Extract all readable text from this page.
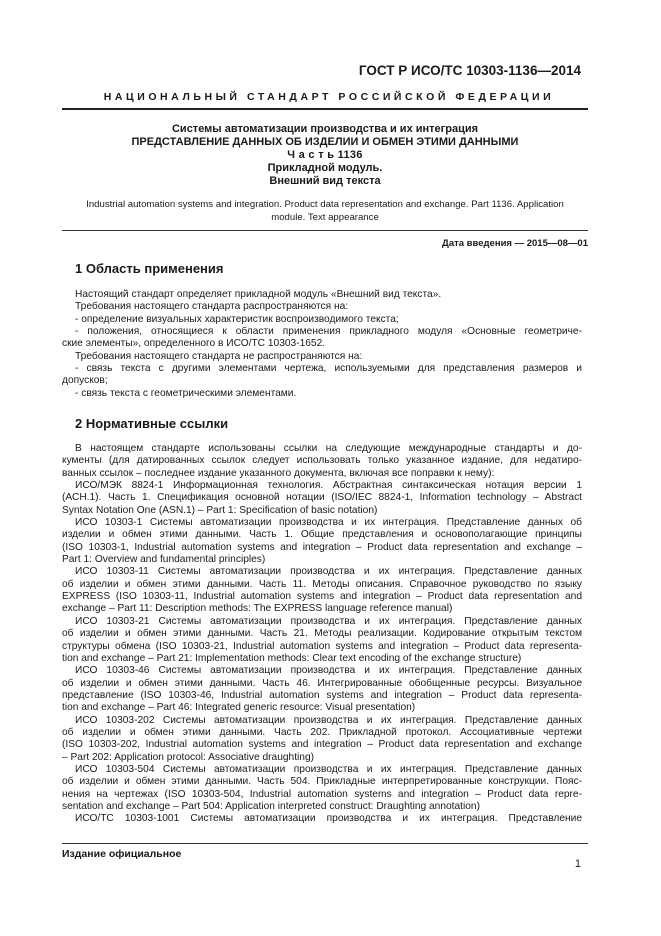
ГОСТ Р ИСО/ТС 10303-1136—2014
НАЦИОНАЛЬНЫЙ СТАНДАРТ РОССИЙСКОЙ ФЕДЕРАЦИИ
Системы автоматизации производства и их интеграция
ПРЕДСТАВЛЕНИЕ ДАННЫХ ОБ ИЗДЕЛИИ И ОБМЕН ЭТИМИ ДАННЫМИ
Ч а с т ь 1136
Прикладной модуль.
Внешний вид текста
Industrial automation systems and integration. Product data representation and exchange. Part 1136. Application
module. Text appearance
Дата введения — 2015—08—01
1 Область применения
Настоящий стандарт определяет прикладной модуль «Внешний вид текста».
Требования настоящего стандарта распространяются на:
- определение визуальных характеристик воспроизводимого текста;
- положения, относящиеся к области применения прикладного модуля «Основные геометриче-
ские элементы», определенного в ИСО/ТС 10303-1652.
Требования настоящего стандарта не распространяются на:
- связь текста с другими элементами чертежа, используемыми для представления размеров и
допусков;
- связь текста с геометрическими элементами.
2 Нормативные ссылки
В настоящем стандарте использованы ссылки на следующие международные стандарты и до-
кументы (для датированных ссылок следует использовать только указанное издание, для недатиро-
ванных ссылок – последнее издание указанного документа, включая все поправки к нему):
ИСО/МЭК 8824-1 Информационная технология. Абстрактная синтаксическая нотация версии 1
(АСН.1). Часть 1. Спецификация основной нотации (ISO/IEC 8824-1, Information technology – Abstract
Syntax Notation One (ASN.1) – Part 1: Specification of basic notation)
ИСО 10303-1 Системы автоматизации производства и их интеграция. Представление данных об
изделии и обмен этими данными. Часть 1. Общие представления и основополагающие принципы
(ISO 10303-1, Industrial automation systems and integration – Product data representation and exchange –
Part 1: Overview and fundamental principles)
ИСО 10303-11 Системы автоматизации производства и их интеграция. Представление данных
об изделии и обмен этими данными. Часть 11. Методы описания. Справочное руководство по языку
EXPRESS (ISO 10303-11, Industrial automation systems and integration – Product data representation and
exchange – Part 11: Description methods: The EXPRESS language reference manual)
ИСО 10303-21 Системы автоматизации производства и их интеграция. Представление данных
об изделии и обмен этими данными. Часть 21. Методы реализации. Кодирование открытым текстом
структуры обмена (ISO 10303-21, Industrial automation systems and integration – Product data representa-
tion and exchange – Part 21: Implementation methods: Clear text encoding of the exchange structure)
ИСО 10303-46 Системы автоматизации производства и их интеграция. Представление данных
об изделии и обмен этими данными. Часть 46. Интегрированные обобщенные ресурсы. Визуальное
представление (ISO 10303-46, Industrial automation systems and integration – Product data representa-
tion and exchange – Part 46: Integrated generic resource: Visual presentation)
ИСО 10303-202 Системы автоматизации производства и их интеграция. Представление данных
об изделии и обмен этими данными. Часть 202. Прикладной протокол. Ассоциативные чертежи
(ISO 10303-202, Industrial automation systems and integration – Product data representation and exchange
– Part 202: Application protocol: Associative draughting)
ИСО 10303-504 Системы автоматизации производства и их интеграция. Представление данных
об изделии и обмен этими данными. Часть 504. Прикладные интерпретированные конструкции. Пояс-
нения на чертежах (ISO 10303-504, Industrial automation systems and integration – Product data repre-
sentation and exchange – Part 504: Application interpreted construct: Draughting annotation)
ИСО/ТС 10303-1001 Системы автоматизации производства и их интеграция. Представление
Издание официальное
1
